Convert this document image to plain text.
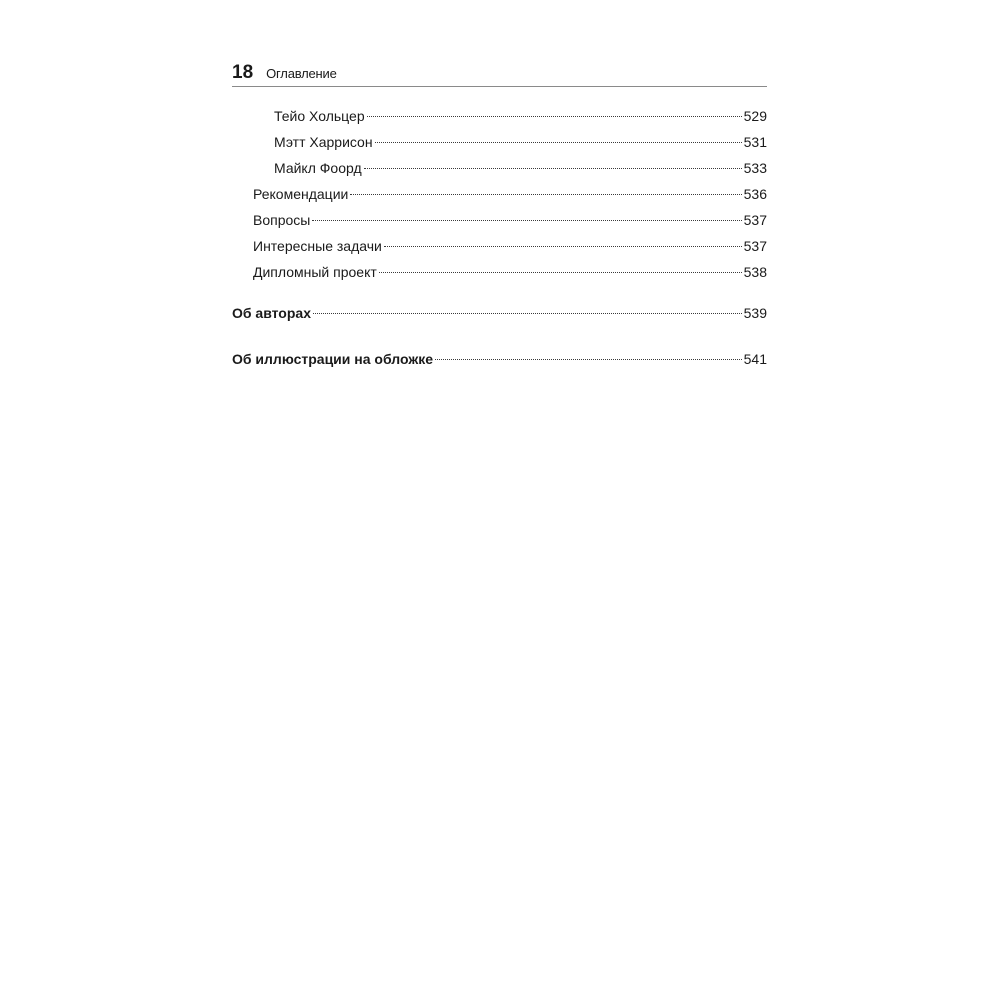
18 Оглавление
Тейо Хольцер	529
Мэтт Харрисон	531
Майкл Фоорд	533
Рекомендации	536
Вопросы	537
Интересные задачи	537
Дипломный проект	538
Об авторах	539
Об иллюстрации на обложке	541
